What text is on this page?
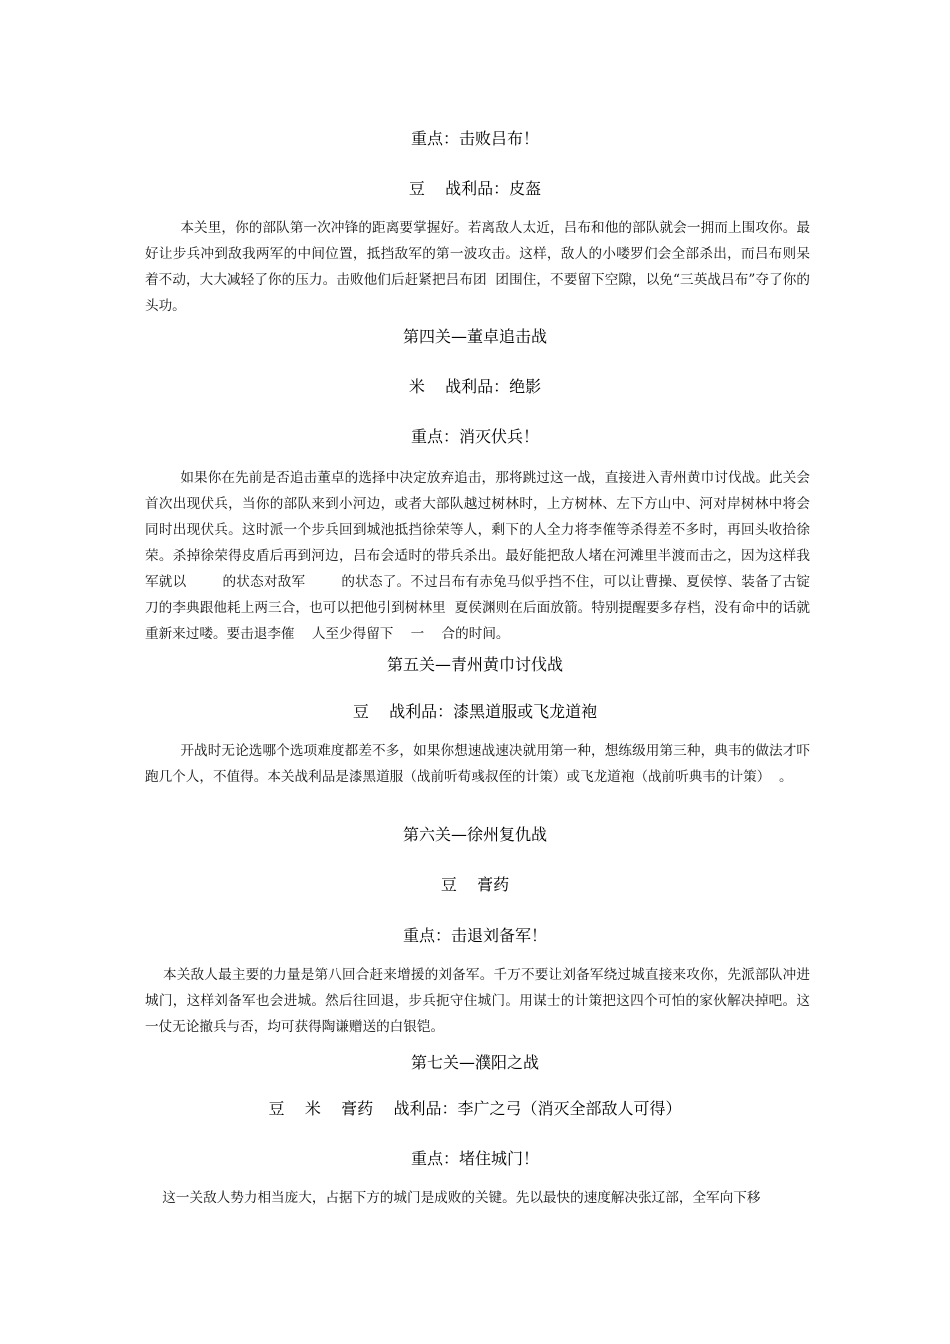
重点：击败吕布！
豆    战利品：皮盔
本关里，你的部队第一次冲锋的距离要掌握好。若离敌人太近，吕布和他的部队就会一拥而上围攻你。最好让步兵冲到敌我两军的中间位置，抵挡敌军的第一波攻击。这样，敌人的小喽罗们会全部杀出，而吕布则呆着不动，大大减轻了你的压力。击败他们后赶紧把吕布团  团围住，不要留下空隙，以免“三英战吕布”夺了你的头功。
第四关—董卓追击战
米    战利品：绝影
重点：消灭伏兵！
如果你在先前是否追击董卓的选择中决定放弃追击，那将跳过这一战，直接进入青州黄巾讨伐战。此关会首次出现伏兵，当你的部队来到小河边，或者大部队越过树林时，上方树林、左下方山中、河对岸树林中将会同时出现伏兵。这时派一个步兵回到城池抵挡徐荣等人，剩下的人全力将李傕等杀得差不多时，再回头收拾徐荣。杀掉徐荣得皮盾后再到河边，吕布会适时的带兵杀出。最好能把敌人堵在河滩里半渡而击之，因为这样我军就以        的状态对敌军        的状态了。不过吕布有赤兔马似乎挡不住，可以让曹操、夏侯惇、装备了古锭刀的李典跟他耗上两三合，也可以把他引到树林里  夏侯渊则在后面放箭。特别提醒要多存档，没有命中的话就重新来过喽。要击退李傕    人至少得留下    一    合的时间。
第五关—青州黄巾讨伐战
豆    战利品：漆黑道服或飞龙道袍
开战时无论选哪个选项难度都差不多，如果你想速战速决就用第一种，想练级用第三种，典韦的做法才吓跑几个人，不值得。本关战利品是漆黑道服（战前听荀彧叔侄的计策）或飞龙道袍（战前听典韦的计策）  。
第六关—徐州复仇战
豆    膏药
重点：击退刘备军！
本关敌人最主要的力量是第八回合赶来增援的刘备军。千万不要让刘备军绕过城直接来攻你，先派部队冲进城门，这样刘备军也会进城。然后往回退，步兵扼守住城门。用谋士的计策把这四个可怕的家伙解决掉吧。这一仗无论撤兵与否，均可获得陶谦赠送的白银铠。
第七关—濮阳之战
豆    米    膏药    战利品：李广之弓（消灭全部敌人可得）
重点：堵住城门！
这一关敌人势力相当庞大，占据下方的城门是成败的关键。先以最快的速度解决张辽部，全军向下移
